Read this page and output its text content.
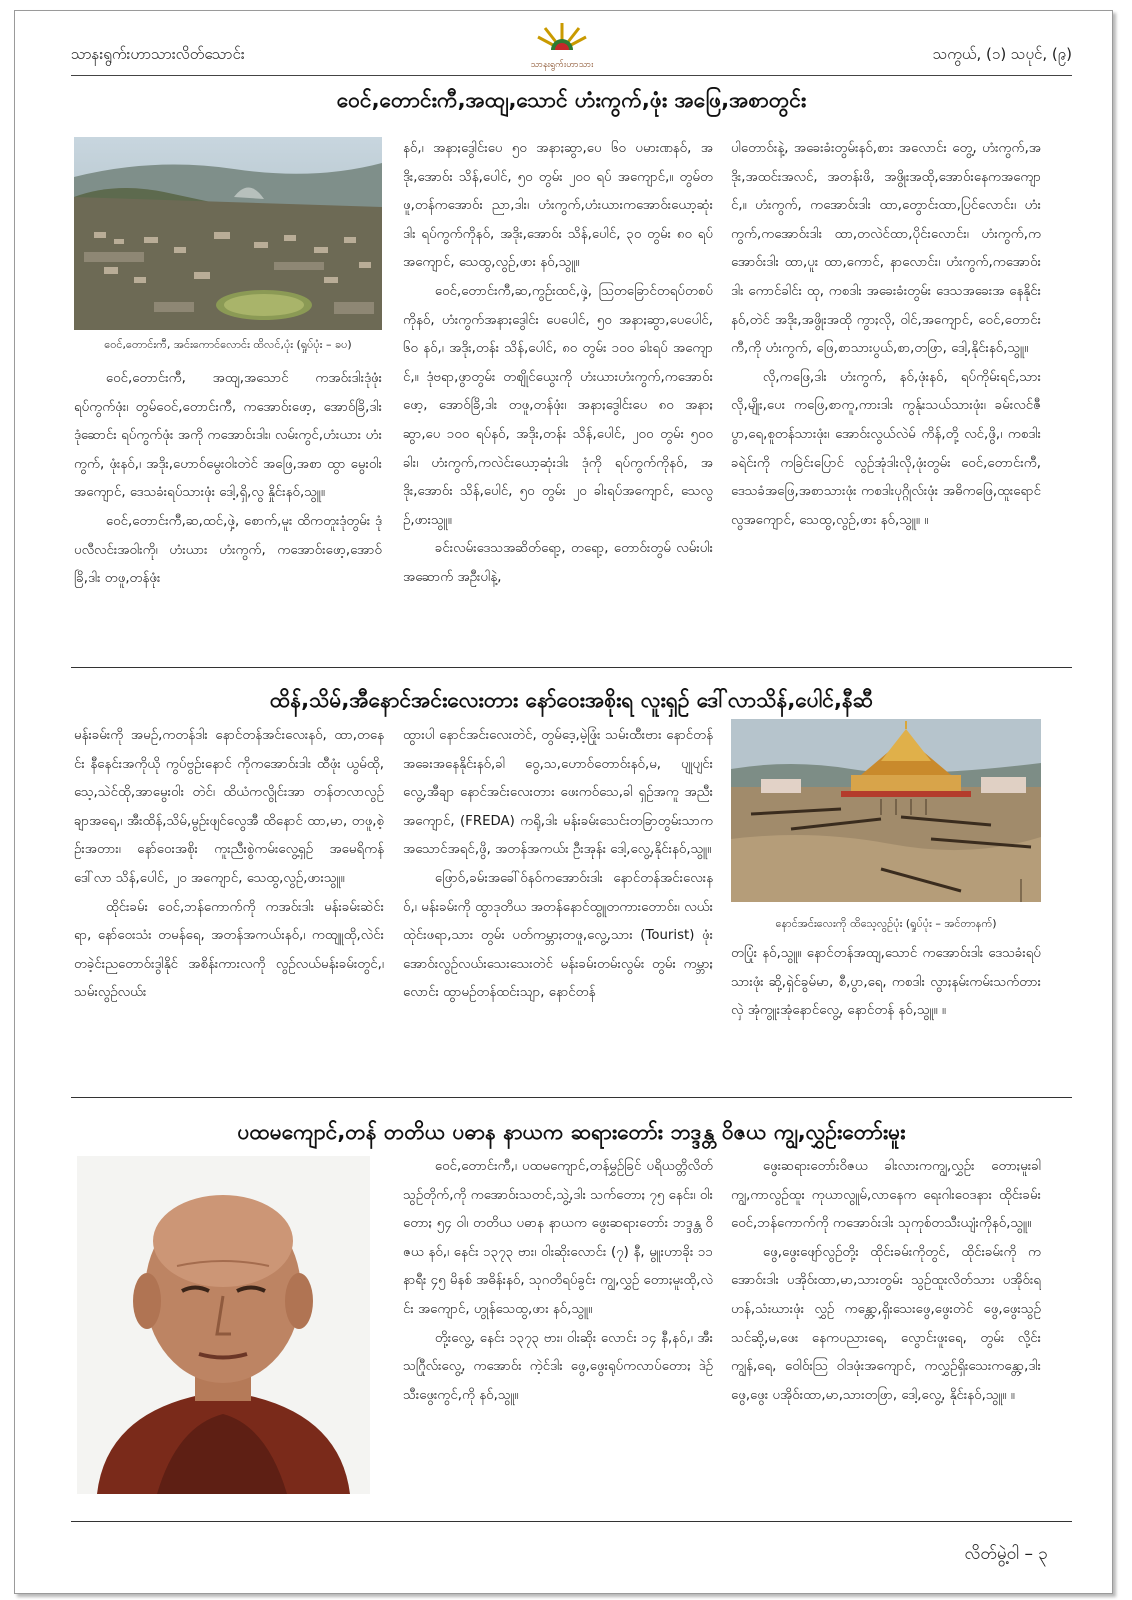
သာနးရွက်းဟာသားလိတ်သောင်း
သာနးရွက်းဟာသား
သကွယ်, (၁) သပုင်, (၉)
ဝေင်,တောင်းကီ,အထျ,သောင် ဟံးကွက်,ဖုံး အဖြေ,အစာတွင်း
ဝေင်,တောင်းကီ, အင်းကောင်လောင်း ထိလင်,ပုံး (ရှုပ်ပုံး – ခပ)

ဝေင်,တောင်းကီ, အထျ,အသောင် ကအဝ်းဒါးဒုံဖုံး ရပ်ကွက်ဖုံး၊ တွမ်ဝေင်,တောင်းကီ, ကအောဝ်းဖော့, အောဝ်ခြိ,ဒါး ဒုံဆောင်း ရပ်ကွက်ဖုံး အကို ကအောဝ်းဒါး၊ လမ်းကွင်,ဟံးယား ဟံးကွက်, ဖုံးနဝ်,၊ အဒိုး,ဟောဝ်မွေးဝါးတဲင် အဖြေ,အစာ ထွာ မွေးဝါးအကျောင်, ဒေသခံးရပ်သားဖုံး ဒေါ့,ရှိ,လွ နှိုင်းနဝ်,သွူ။

ဝေင်,တောင်းကီ,ဆ,ထင်,ဖှဲ့, စောက်,မူး ထိကတူးဒုံတွမ်း ဒုံပလီလင်းအဝါးကို၊ ဟံးယား ဟံးကွက်, ကအောဝ်းဖော့,အောဝ်ခြိ,ဒါး တဖူ,တန်ဖုံး

နဝ်,၊ အနာႏဒွေါင်းပေ ၅၀ အနာႏဆွာ,ပေ ၆၀ ပမားဏနဝ်, အဒိုး,အောဝ်း သိန်,ပေါင်, ၅၀ တွမ်း ၂၀၀ ရပ် အကျောင်,။ တွမ်တဖူ,တန်ကအောဝ်း ညာ,ဒါး၊ ဟံးကွက်,ဟံးယားကအောဝ်းယော့ဆုံးဒါး ရပ်ကွက်ကိုနဝ်, အဒိုး,အောဝ်း သိန်,ပေါင်, ၃၀ တွမ်း ၈၀ ရပ်အကျောင်, သေထွ,လွဉ်,ဖား နဝ်,သွူ။

ဝေင်,တောင်းကီ,ဆ,ကွဉ်းထင်,ဖှဲ့, ဩတခြောင်တရပ်တစပ်ကိုနဝ်, ဟံးကွက်အနာႏဒွေါင်း ပေပေါင်, ၅၀ အနာႏဆွာ,ပေပေါင်, ၆၀ နဝ်,၊ အဒိုး,တန်း သိန်,ပေါင်, ၈၀ တွမ်း ၁၀၀ ခါးရပ် အကျောင်,။ ဒုံဗရာ,ဖွာတွမ်း တဈိုင်ယွေးကို ဟံးယားဟံးကွက်,ကအောဝ်းဖော့, အောဝ်ခြိ,ဒါး တဖူ,တန်ဖုံး၊ အနာႏဒွေါင်းပေ ၈၀ အနာႏဆွာ,ပေ ၁၀၀ ရပ်နဝ်, အဒိုး,တန်း သိန်,ပေါင်, ၂၀၀ တွမ်း ၅၀၀ ခါး၊ ဟံးကွက်,ကလဲင်းယော့ဆုံးဒါး ဒုံကို ရပ်ကွက်ကိုနဝ်, အဒိုး,အောဝ်း သိန်,ပေါင်, ၅၀ တွမ်း ၂၀ ခါးရပ်အကျောင်, သေလွဉ်,ဖားသွူ။

ခင်းလမ်းဒေသအဆိတ်ရော့, တရော့, တောဝ်းတွမ် လမ်းပါးအဆောက် အဦးပါနဲ့,

ပါတောဝ်းနဲ့, အခေးခံးတွမ်းနဝ်,စား အလောင်း တွေ့, ဟံးကွက်,အဒိုး,အထင်းအလင်, အတန်းဖိ, အဖွိုးအထို,အောဝ်းနေကအကျောင်,။ ဟံးကွက်, ကအောဝ်းဒါး ထာ,တွောင်းထာ,ပြင်လောင်း၊ ဟံးကွက်,ကအောဝ်းဒါး ထာ,တလဲင်ထာ,ပိုင်းလောင်း၊ ဟံးကွက်,ကအောဝ်းဒါး ထာ,ပူး ထာ,ကောင်, နာလောင်း၊ ဟံးကွက်,ကအောဝ်းဒါး ကောင်ခါင်း ထု, ကစဒါး အခေးခံးတွမ်း ဒေသအခေးအ နေနိုင်းနဝ်,တဲင် အဒိုး,အဖွိုးအထို ကွာႏလို, ဝါင်,အကျောင်, ဝေင်,တောင်းကီ,ကို ဟံးကွက်, ဖြေ,စာသားပွယ်,စာ,တဖြာ, ဒေါ့,နိုင်းနဝ်,သွူ။

လို,ကဖြေ,ဒါး ဟံးကွက်, နဝ်,ဖုံးနဝ်, ရပ်ကိုမ်းရင်,သားလို,မျိုး,ပေး ကဖြေ,စာကူ,ကားဒါး ကွန်ုးသယ်သားဖုံး၊ ခမ်းလင်ဇီပွာ,ရေ,စူတန်သားဖုံး၊ အောဝ်းလွယ်လဲမ် ကိန်,တို့ လင်,ဖွိ,၊ ကစဒါး ခရဲင်းကို ကခြဲင်းပြောင် လွဉ်အုံဒါးလို,ဖုံးတွမ်း ဝေင်,တောင်းကီ, ဒေသခံအဖြေ,အစာသားဖုံး ကစဒါးပုဂ္ဂိုလ်းဖုံး အဓိကဖြေ,ထူးရောင်လွအကျောင်, သေထွ,လွဉ်,ဖား နဝ်,သွူ။ ။

ထိန်,သိမ်,အီနောင်အင်းလေးတား နော်ဝေးအစိုးရ လူးရှဉ် ဒေါ်လာသိန်,ပေါင်,နီဆီ

မန်းခမ်းကို အမဉ်,ကတန်ဒါး နောင်တန်အင်းလေးနဝ်, ထာ,တနေင်း နီနေင်းအကိုယို ကွပ်ဗွဉ်းနောင် ကိုကအောဝ်းဒါး ထီဖုံး ယွမ်ထို, သေ့,သဲင်ထို,အာမွေးဝါး တဲင်၊ ထိယံကလွိုင်းအာ တန်တလာလွဉ်ချာအရေ,၊ အီးထိန်,သိမ်,မွဉ်းဖျင်လွေအီ ထိနောင် ထာ,မာ, တဖူ,စဲ့ဉ်းအတား၊ နော်ဝေးအစိုး ကူးညီးစွဲကမ်းလွေ့ရှဉ် အမေရိကန်ဒေါ်လာ သိန်,ပေါင်, ၂၀ အကျောင်, သေထွ,လွဉ်,ဖားသွူ။

ထိုင်းခမ်း ဝေင်,ဘန်ကောက်ကို ကအဝ်းဒါး မန်းခမ်းဆဲင်းရာ, နော်ဝေးသံး တမန်ရေ, အတန်အကယ်းနဝ်,၊ ကထျူထို,လဲင်း တခဲ့င်းညတောဝ်းဒွါနိုင် အစိန်းကားလကို လွဉ်လယ်မန်းခမ်းတွင်,၊ သမ်းလွဉ်လယ်း

ထွားပါ နောင်အင်းလေးတဲင်, တွမ်ဒေ့,မဲ့ဖြုံး သမ်းထီးဗား နောင်တန်အခေးအနေနိုင်းနဝ်,ခါ ဝွေ,သ,ဟောဝ်တောဝ်းနဝ်,မ, ပျုပျင်းလွေ့,အီချာ နောင်အင်းလေးတား ဖေးကဝ်သေ,ခါ ရှဉ်အကူ အညီးအကျောင်, (FREDA) ကရို,ဒါး မန်းခမ်းသေင်းတခြာတွမ်းသာကအသောင်အရင်,ဖွိ, အတန်အကယ်း ဦးအုန်း ဒေါ့,လွေ့,နိုင်းနဝ်,သွူ။

ဖြောဝ်,ခမ်းအခေါ်ဝ်နဝ်ကအောဝ်းဒါး နောင်တန်အင်းလေးနဝ်,၊ မန်းခမ်းကို ထွာဒုတိယ အတန်နောင်ထွူတကားတောဝ်း၊ လယ်းထုဲင်းဖရာ,သား တွမ်း ပတ်ကမ္ဘာႏတဖူ,လွေ့,သား (Tourist) ဖုံး အောဝ်းလွဉ်လယ်းသေးသေးတဲင် မန်းခမ်းတမ်းလွမ်း တွမ်း ကမ္ဘာႏလောင်း ထွာမဉ်တန်ထင်းသျာ, နောင်တန်

နောင်အင်းလေးကို ထိသေ့လွဉ်ပုံး (ရှုပ်ပုံး – အင်တာနက်)

တပြုံး နဝ်,သွူ။ နောင်တန်အထျ,သောင် ကအောဝ်းဒါး ဒေသခံးရပ်သားဖုံး ဆို့,ရှဲင်ခွမ်မာ, စီ,ပွာ,ရေ, ကစဒါး လွာႏနမ်းကမ်းသက်တားလှဲ အုံကွူးအုံနောင်လွေ့, နောင်တန် နဝ်,သွူ။ ။

ပထမကျောင်,တန် တတိယ ပဓာန နာယက ဆရားတော်း ဘဒ္ဒန္တ ဝိဇယ ကျွ,လွှဉ်းတော်းမူး

ဝေင်,တောင်းကီ,၊ ပထမကျောင်,တန်မွှဉ်ခြင် ပရိယတ္တိလိတ်သွဉ်တိုက်,ကို ကအောဝ်းသတင်,သွဲ့,ဒါး သက်တောႏ ၇၅ နေင်း၊ ဝါးတောႏ ၅၄ ဝါ၊ တတိယ ပဓာန နာယက ဖွေးဆရားတော်း ဘဒ္ဒန္တ ဝိဇယ နဝ်,၊ နေင်း ၁၃၇၃ ဗား၊ ဝါးဆိုးလောင်း (၇) နီ, မွူးဟာခိုး ၁၁ နာရီး ၄၅ မိနစ် အဓိန်းနဝ်, သုဂတိရပ်ခွင်း ကျွ,လွှဉ် တောႏမူးထို,လဲင်း အကျောင်, ဟွုန်သေထွ,ဖား နဝ်,သွူ။

တို့းလွေ့, နေင်း ၁၃၇၃ ဗား၊ ဝါးဆိုး လောင်း ၁၄ နီ,နဝ်,၊ အီးသဂြီုလ်းလွေ့, ကအောဝ်း ကဲ့င်ဒါး ဖွေ,ဖွေးရုပ်ကလာပ်တောႏ ဒဲဉ်သီးဖွေးကွင်,ကို နဝ်,သွူ။

ဖွေးဆရားတော်းဝိဇယ ခါးလားကကျွ,လွှဉ်း တောႏမူးခါ ကျွ,ကာလွဉ်ထူး ကုယာလွူမ်,လာနေက ရေးဂါးဝေဒနား ထိုင်းခမ်း ဝေင်,ဘန်ကောက်ကို ကအောဝ်းဒါး သုကုစ်တသီးယျံးကိုနဝ်,သွူ။

ဖွေ,ဖွေးဖျော်လွဉ်တို့း ထိုင်းခမ်းကိုတွင်, ထိုင်းခမ်းကို ကအောဝ်းဒါး ပအိုဝ်းထာ,မာ,သားတွမ်း သွဉ်ထူးလိတ်သား ပအိုဝ်းရဟန်,သံးဃားဖုံး လွှဉ် ကန္တော့,ရှိးသေးဖွေ,ဖွေးတဲင် ဖွေ,ဖွေးသွဉ်သင်ဆို့,မ,ဖေး နေကပညားရေ, လွောင်းဖူးရေ, တွမ်း လို့င်းကျွန်,ရေ, ဝေါဝ်းဩ ဝါဒဖုံးအကျောင်, ကလွှဉ်ရှိးသေးကန္တော့,ဒါး ဖွေ,ဖွေး ပအိုဝ်းထာ,မာ,သားတဖြာ, ဒေါ့,လွေ့, နိုင်းနဝ်,သွူ။ ။

လိတ်မွဲ့ဝါ – ၃
